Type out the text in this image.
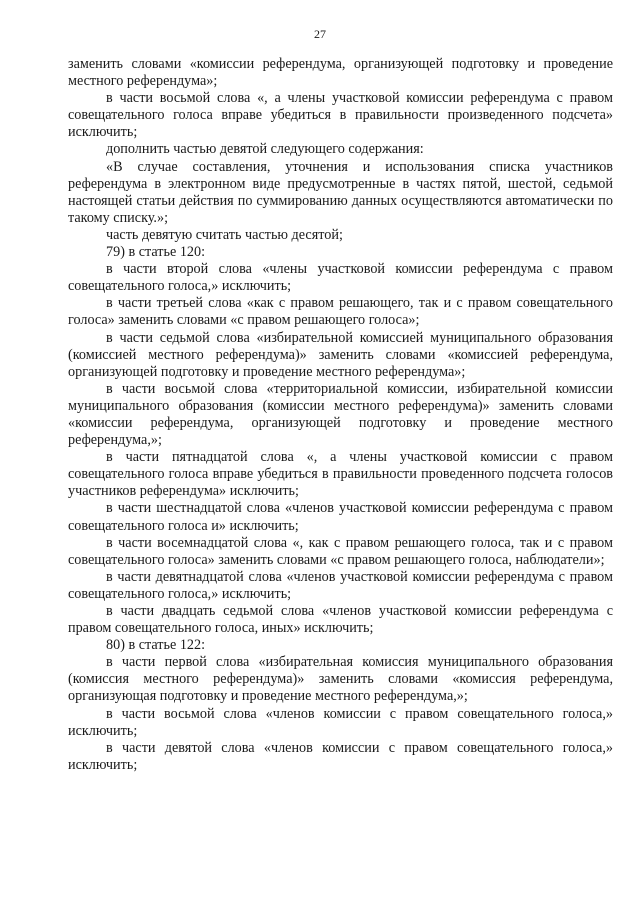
27

заменить словами «комиссии референдума, организующей подготовку и проведение местного референдума»;

в части восьмой слова «, а члены участковой комиссии референдума с правом совещательного голоса вправе убедиться в правильности произведенного подсчета» исключить;

дополнить частью девятой следующего содержания:

«В случае составления, уточнения и использования списка участников референдума в электронном виде предусмотренные в частях пятой, шестой, седьмой настоящей статьи действия по суммированию данных осуществляются автоматически по такому списку.»;

часть девятую считать частью десятой;

79) в статье 120:

в части второй слова «члены участковой комиссии референдума с правом совещательного голоса,» исключить;

в части третьей слова «как с правом решающего, так и с правом совещательного голоса» заменить словами «с правом решающего голоса»;

в части седьмой слова «избирательной комиссией муниципального образования (комиссией местного референдума)» заменить словами «комиссией референдума, организующей подготовку и проведение местного референдума»;

в части восьмой слова «территориальной комиссии, избирательной комиссии муниципального образования (комиссии местного референдума)» заменить словами «комиссии референдума, организующей подготовку и проведение местного референдума,»;

в части пятнадцатой слова «, а члены участковой комиссии с правом совещательного голоса вправе убедиться в правильности проведенного подсчета голосов участников референдума» исключить;

в части шестнадцатой слова «членов участковой комиссии референдума с правом совещательного голоса и» исключить;

в части восемнадцатой слова «, как с правом решающего голоса, так и с правом совещательного голоса» заменить словами «с правом решающего голоса, наблюдатели»;

в части девятнадцатой слова «членов участковой комиссии референдума с правом совещательного голоса,» исключить;

в части двадцать седьмой слова «членов участковой комиссии референдума с правом совещательного голоса, иных» исключить;

80) в статье 122:

в части первой слова «избирательная комиссия муниципального образования (комиссия местного референдума)» заменить словами «комиссия референдума, организующая подготовку и проведение местного референдума,»;

в части восьмой слова «членов комиссии с правом совещательного голоса,» исключить;

в части девятой слова «членов комиссии с правом совещательного голоса,» исключить;
